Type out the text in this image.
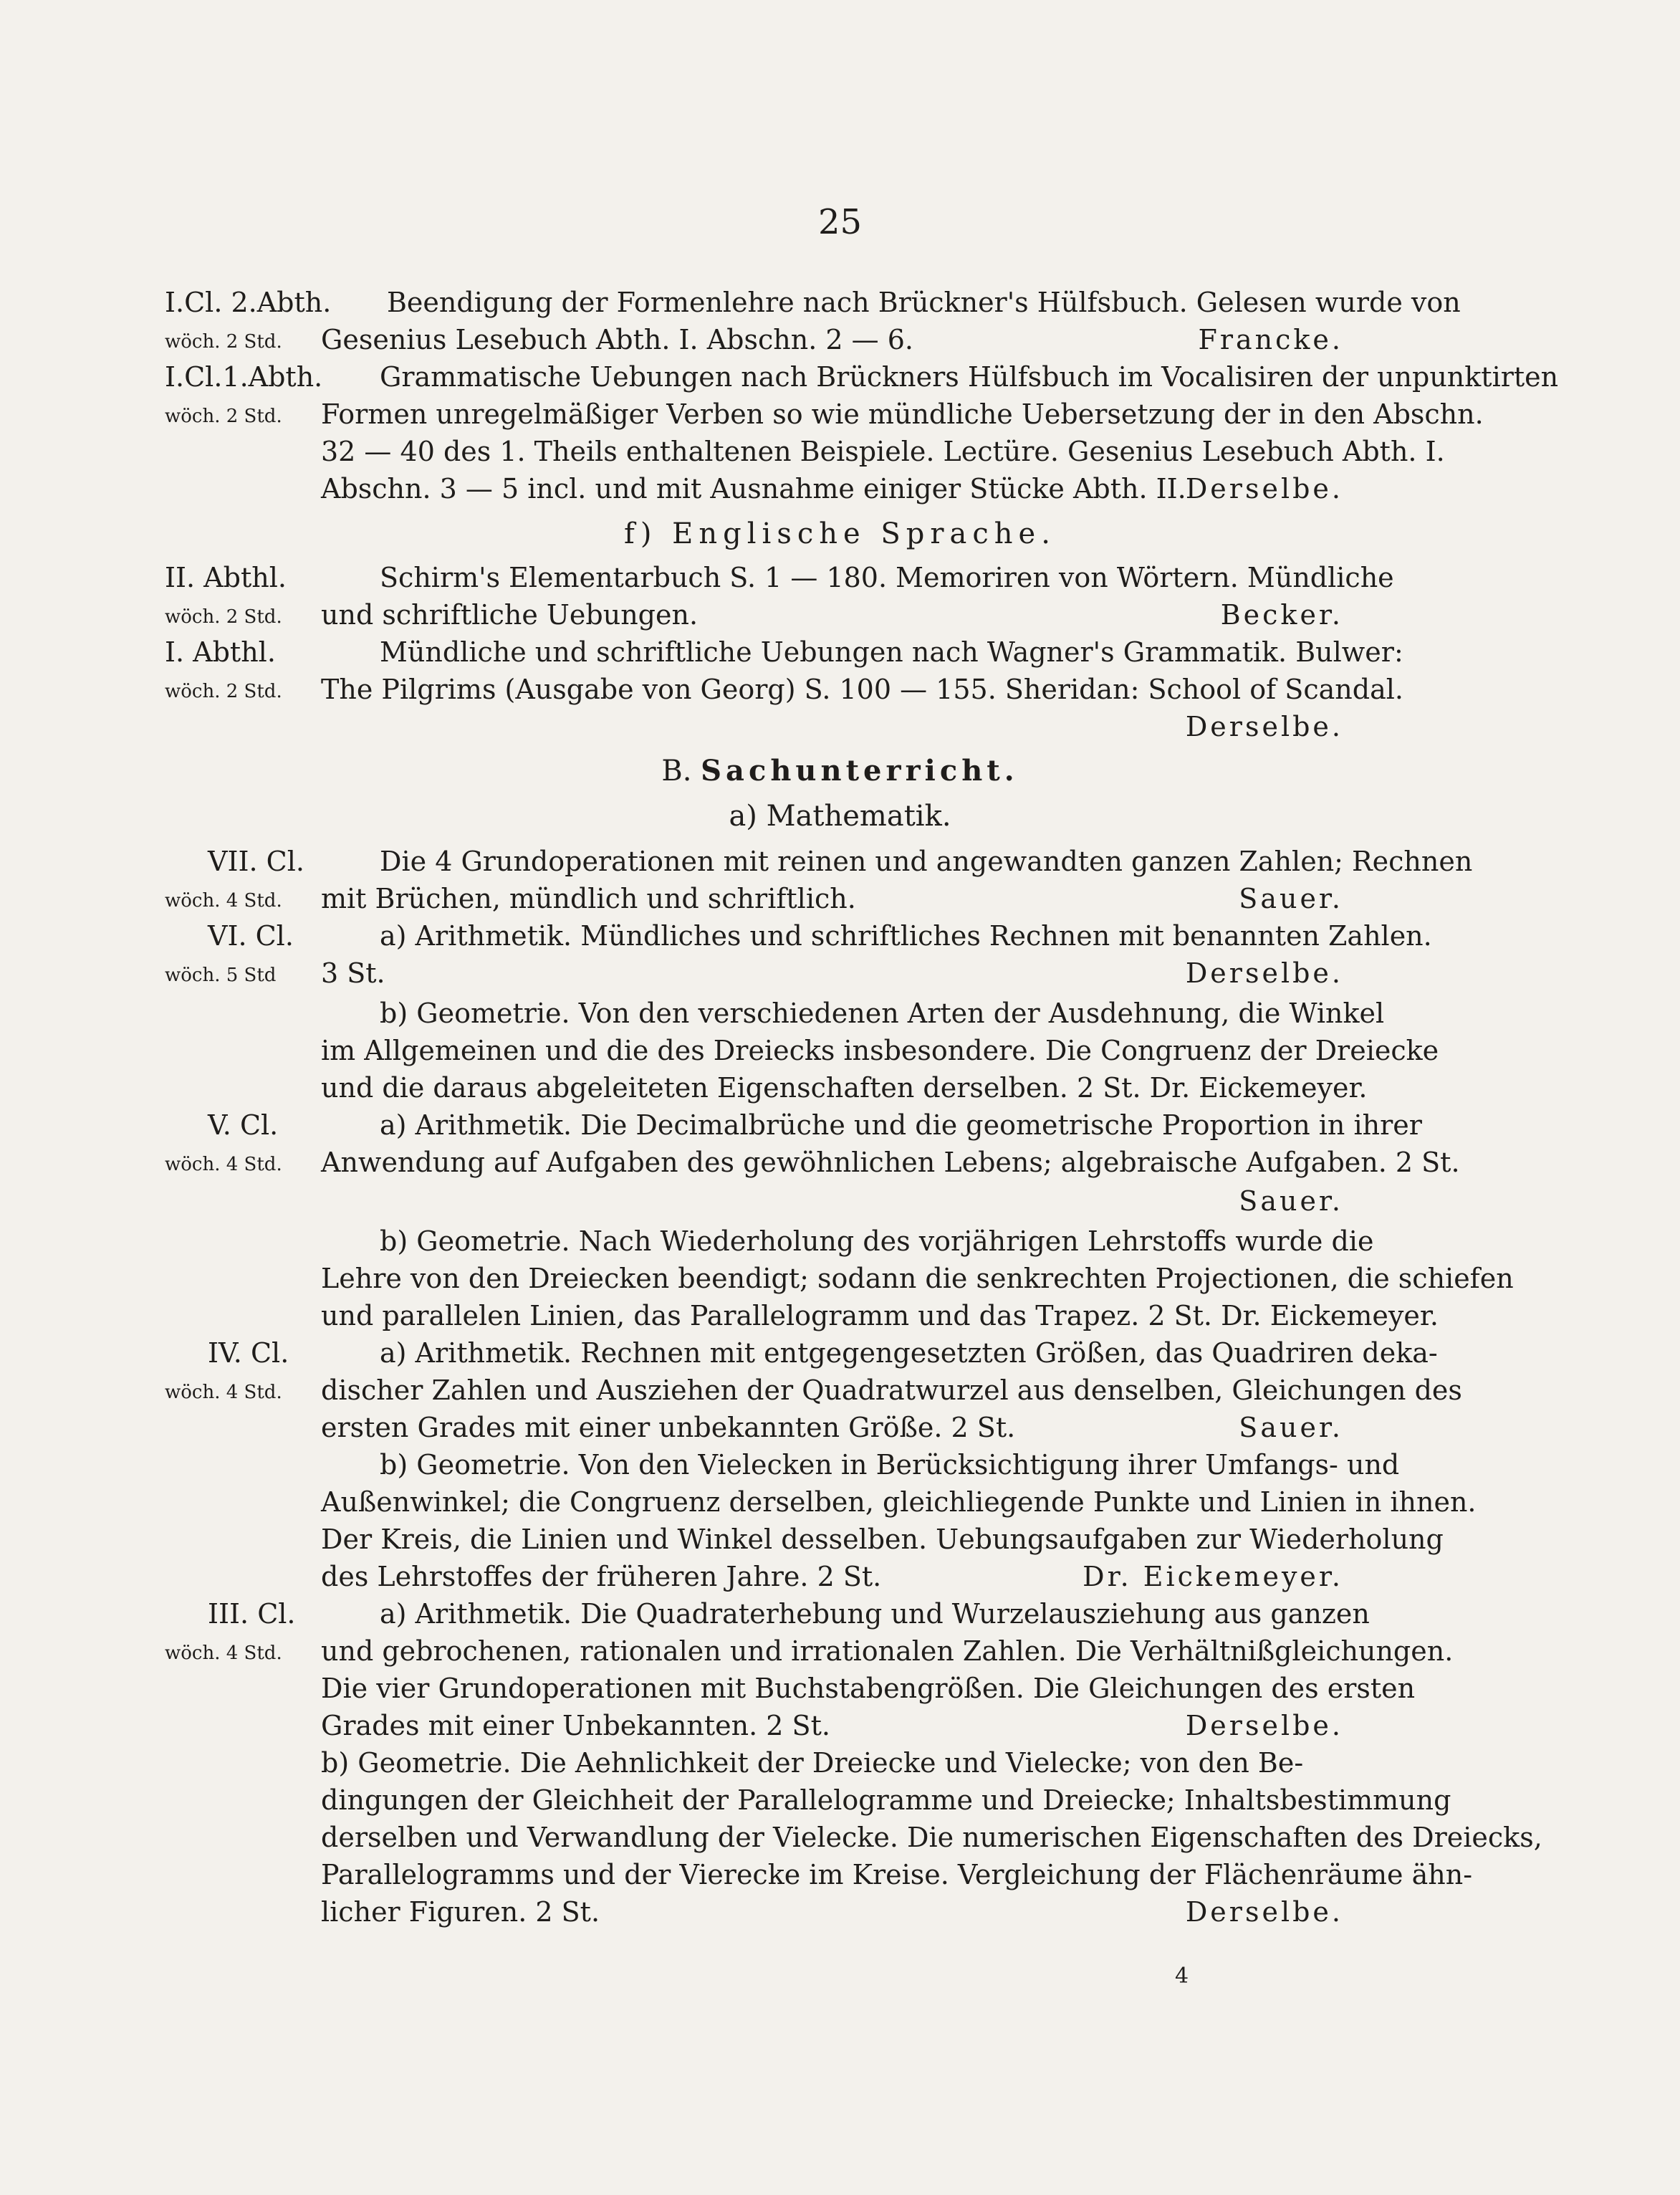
25
I.Cl. 2.Abth. Beendigung der Formenlehre nach Brückner's Hülfsbuch. Gelesen wurde von
wöch. 2 Std. Gesenius Lesebuch Abth. I. Abschn. 2 — 6.	Francke.
I.Cl.1.Abth. Grammatische Uebungen nach Brückners Hülfsbuch im Vocalisiren der unpunktirten
wöch. 2 Std. Formen unregelmäßiger Verben so wie mündliche Uebersetzung der in den Abschn.
32 — 40 des 1. Theils enthaltenen Beispiele. Lectüre. Gesenius Lesebuch Abth. I.
Abschn. 3 — 5 incl. und mit Ausnahme einiger Stücke Abth. II. Derselbe.
f) Englische Sprache.
II. Abthl.	Schirm's Elementarbuch S. 1 — 180. Memoriren von Wörtern. Mündliche
wöch. 2 Std. und schriftliche Uebungen.	Becker.
I. Abthl.	Mündliche und schriftliche Uebungen nach Wagner's Grammatik. Bulwer:
wöch. 2 Std. The Pilgrims (Ausgabe von Georg) S. 100 — 155. Sheridan: School of Scandal.
Derselbe.
B. Sachunterricht.
a) Mathematik.
VII. Cl.	Die 4 Grundoperationen mit reinen und angewandten ganzen Zahlen; Rechnen
wöch. 4 Std. mit Brüchen, mündlich und schriftlich.	Sauer.
VI. Cl.	a) Arithmetik. Mündliches und schriftliches Rechnen mit benannten Zahlen.
wöch. 5 Std 3 St.	Derselbe.
b) Geometrie. Von den verschiedenen Arten der Ausdehnung, die Winkel
im Allgemeinen und die des Dreiecks insbesondere. Die Congruenz der Dreiecke
und die daraus abgeleiteten Eigenschaften derselben. 2 St. Dr. Eickemeyer.
V. Cl.	a) Arithmetik. Die Decimalbrüche und die geometrische Proportion in ihrer
wöch. 4 Std. Anwendung auf Aufgaben des gewöhnlichen Lebens; algebraische Aufgaben. 2 St.
Sauer.
b) Geometrie. Nach Wiederholung des vorjährigen Lehrstoffs wurde die
Lehre von den Dreiecken beendigt; sodann die senkrechten Projectionen, die schiefen
und parallelen Linien, das Parallelogramm und das Trapez. 2 St. Dr. Eickemeyer.
IV. Cl.	a) Arithmetik. Rechnen mit entgegengesetzten Größen, das Quadriren deka-
wöch. 4 Std. discher Zahlen und Ausziehen der Quadratwurzel aus denselben, Gleichungen des
ersten Grades mit einer unbekannten Größe. 2 St.	Sauer.
b) Geometrie. Von den Vielecken in Berücksichtigung ihrer Umfangs- und
Außenwinkel; die Congruenz derselben, gleichliegende Punkte und Linien in ihnen.
Der Kreis, die Linien und Winkel desselben. Uebungsaufgaben zur Wiederholung
des Lehrstoffes der früheren Jahre. 2 St.	Dr. Eickemeyer.
III. Cl.	a) Arithmetik. Die Quadraterhebung und Wurzelausziehung aus ganzen
wöch. 4 Std. und gebrochenen, rationalen und irrationalen Zahlen. Die Verhältnißgleichungen.
Die vier Grundoperationen mit Buchstabengrößen. Die Gleichungen des ersten
Grades mit einer Unbekannten. 2 St.	Derselbe.
b) Geometrie. Die Aehnlichkeit der Dreiecke und Vielecke; von den Be-
dingungen der Gleichheit der Parallelogramme und Dreiecke; Inhaltsbestimmung
derselben und Verwandlung der Vielecke. Die numerischen Eigenschaften des Dreiecks,
Parallelogramms und der Vierecke im Kreise. Vergleichung der Flächenräume ähn-
licher Figuren. 2 St.	Derselbe.
4
